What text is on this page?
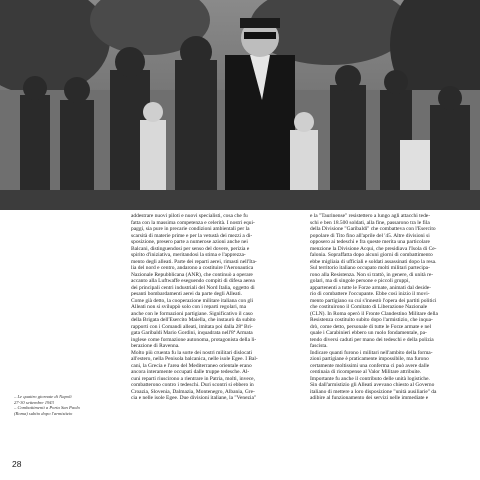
– Le quattro giornate di Napoli
27-30 settembre 1943
– Combattimenti a Porta San Paolo
(Roma) subito dopo l'armistizio
addestrare nuovi piloti e nuovi specialisti, cosa che fu
fatta con la massima competenza e celerità. I nostri equi-
paggi, sia pure in precarie condizioni ambientali per la
scarsità di materie prime e per la vetustà dei mezzi a di-
sposizione, presero parte a numerose azioni anche nei
Balcani, distinguendosi per senso del dovere, perizia e
spirito d'iniziativa, meritandosi la stima e l'apprezza-
mento degli alleati. Parte dei reparti aerei, rimasti nell'Ita-
lia del nord e centro, andarono a costituire l'Aeronautica
Nazionale Repubblicana (ANR), che continuò a operare
accanto alla Luftwaffe eseguendo compiti di difesa aerea
dei principali centri industriali del Nord Italia, oggetto di
pesanti bombardamenti aerei da parte degli Alleati.
Come già detto, la cooperazione militare italiana con gli
Alleati non si sviluppò solo con i reparti regolari, ma
anche con le formazioni partigiane. Significativo il caso
della Brigata dell'Esercito Maiella, che instaurò da subito
rapporti con i Comandi alleati, imitata poi dalla 28ª Bri-
gata Garibaldi Mario Gordini, inquadrata nell'8ª Armata
inglese come formazione autonoma, protagonista della li-
berazione di Ravenna.
Molto più cruenta fu la sorte dei nostri militari dislocati
all'estero, nella Penisola balcanica, nelle isole Egee. I Bal-
cani, la Grecia e l'area del Mediterraneo orientale erano
ancora interamente occupati dalle truppe tedesche. Al-
cuni reparti riuscirono a rientrare in Patria, molti, invece,
combatterono contro i tedeschi. Duri scontri si ebbero in
Croazia, Slovenia, Dalmazia, Montenegro, Albania, Gre-
cia e nelle isole Egee. Due divisioni italiane, la "Venezia"
e la "Taurinense" resistettero a lungo agli attacchi tede-
schi e ben 18.500 soldati, alla fine, passarono tra le fila
della Divisione "Garibaldi" che combatteva con l'Esercito
popolare di Tito fino all'aprile del '45. Altre divisioni si
opposero ai tedeschi e fra queste merita una particolare
menzione la Divisione Acqui, che presidiava l'Isola di Ce-
falonia. Sopraffatta dopo alcuni giorni di combattimento
ebbe migliaia di ufficiali e soldati assassinati dopo la resa.
Sul territorio italiano occupato molti militari partecipa-
rono alla Resistenza. Non si trattò, in genere, di unità re-
golari, ma di singole persone e piccoli gruppi,
appartenenti a tutte le Forze armate, animati dal deside-
rio di combattere l'occupante. Ebbe così inizio il movi-
mento partigiano su cui s'innestò l'opera dei partiti politici
che costituirono il Comitato di Liberazione Nazionale
(CLN). In Roma operò il Fronte Clandestino Militare della
Resistenza costituito subito dopo l'armistizio, che inqua-
drò, come detto, personale di tutte le Forze armate e nel
quale i Carabinieri ebbero un ruolo fondamentale, pa-
tendo diversi caduti per mano dei tedeschi e della polizia
fascista.
Indicare quanti furono i militari nell'ambito della forma-
zioni partigiane è praticamente impossibile, ma furono
certamente moltissimi una conferma ci può avere dalle
centinaia di ricompense al Valor Militare attribuite.
Importante fu anche il contributo delle unità logistiche.
Sin dall'armistizio gli Alleati avevano chiesto al Governo
italiano di mettere a loro disposizione "unità ausiliarie" da
adibire al funzionamento dei servizi nelle immediate e
28
